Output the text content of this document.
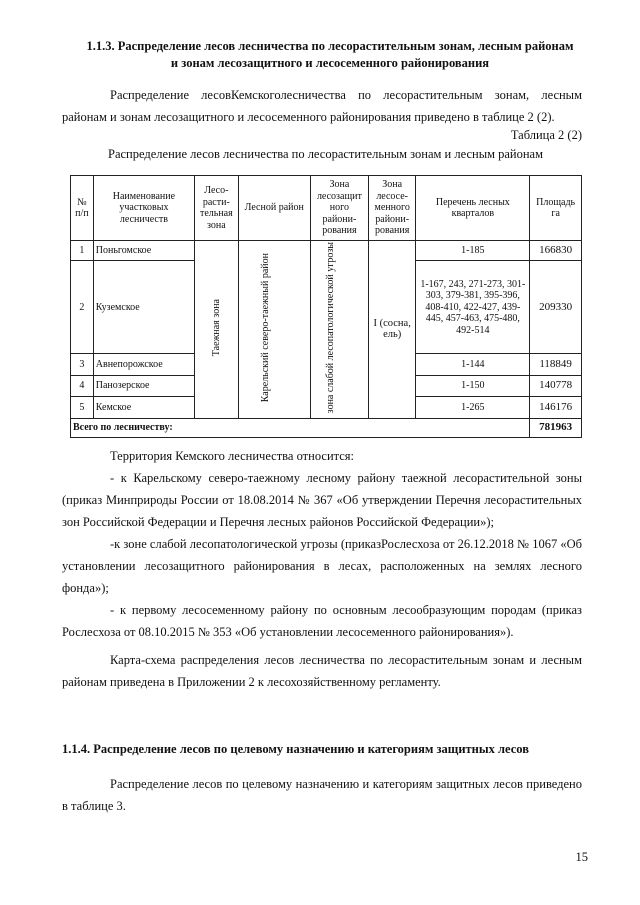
1.1.3. Распределение лесов лесничества по лесорастительным зонам, лесным районам
и зонам лесозащитного и лесосеменного районирования
Распределение лесовКемскоголесничества по лесорастительным зонам, лесным районам и зонам лесозащитного и лесосеменного районирования приведено в таблице 2 (2).
Таблица 2 (2)
Распределение лесов лесничества по лесорастительным зонам и лесным районам
№ п/п	Наименование участковых лесничеств	Лесо-расти-тельная зона	Лесной район	Зона лесозащит ного райони-рования	Зона лесосе-менного райони-рования	Перечень лесных кварталов	Площадь га
1	Поньгомское	Таежная зона	Карельский северо-таежный район	зона слабой лесопатологической угрозы	I (сосна, ель)	1-185	166830
2	Куземское					1-167, 243, 271-273, 301-303, 379-381, 395-396, 408-410, 422-427, 439-445, 457-463, 475-480, 492-514	209330
3	Авнепорожское					1-144	118849
4	Панозерское					1-150	140778
5	Кемское					1-265	146176
Всего по лесничеству:							781963
Территория Кемского лесничества относится:
- к Карельскому северо-таежному лесному району таежной лесорастительной зоны (приказ Минприроды России от 18.08.2014 № 367 «Об утверждении Перечня лесорастительных зон Российской Федерации и Перечня лесных районов Российской Федерации»);
-к зоне слабой лесопатологической угрозы (приказРослесхоза от 26.12.2018 № 1067 «Об установлении лесозащитного районирования в лесах, расположенных на землях лесного фонда»);
- к первому лесосеменному району по основным лесообразующим породам (приказ Рослесхоза от 08.10.2015 № 353 «Об установлении лесосеменного районирования»).
Карта-схема распределения лесов лесничества по лесорастительным зонам и лесным районам приведена в Приложении 2 к лесохозяйственному регламенту.
1.1.4. Распределение лесов по целевому назначению и категориям защитных лесов
Распределение лесов по целевому назначению и категориям защитных лесов приведено в таблице 3.
15
